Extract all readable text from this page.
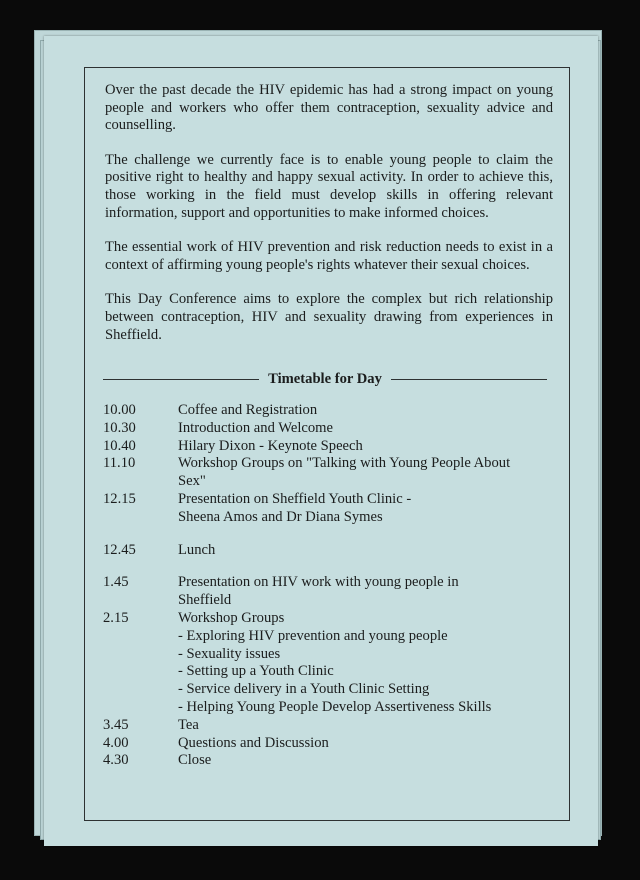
Over the past decade the HIV epidemic has had a strong impact on young people and workers who offer them contraception, sexuality advice and counselling.

The challenge we currently face is to enable young people to claim the positive right to healthy and happy sexual activity. In order to achieve this, those working in the field must develop skills in offering relevant information, support and opportunities to make informed choices.

The essential work of HIV prevention and risk reduction needs to exist in a context of affirming young people's rights whatever their sexual choices.

This Day Conference aims to explore the complex but rich relationship between contraception, HIV and sexuality drawing from experiences in Sheffield.

Timetable for Day
10.00	Coffee and Registration
10.30	Introduction and Welcome
10.40	Hilary Dixon - Keynote Speech
11.10	Workshop Groups on "Talking with Young People About
Sex"
12.15	Presentation on Sheffield Youth Clinic -
Sheena Amos and Dr Diana Symes
12.45	Lunch
1.45	Presentation on HIV work with young people in
Sheffield
2.15	Workshop Groups
- Exploring HIV prevention and young people
- Sexuality issues
- Setting up a Youth Clinic
- Service delivery in a Youth Clinic Setting
- Helping Young People Develop Assertiveness Skills
3.45	Tea
4.00	Questions and Discussion
4.30	Close
